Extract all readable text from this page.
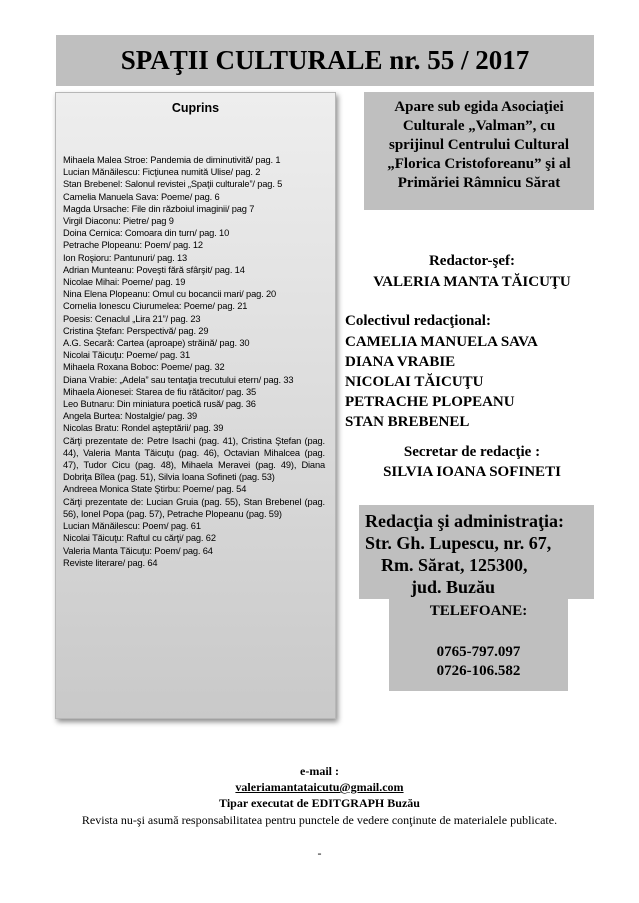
SPAŢII CULTURALE nr. 55 / 2017
Cuprins
Mihaela Malea Stroe: Pandemia de diminutivită/ pag. 1
Lucian Mănăilescu: Ficţiunea numită Ulise/ pag. 2
Stan Brebenel: Salonul revistei „Spaţii culturale”/ pag. 5
Camelia Manuela Sava: Poeme/ pag. 6
Magda Ursache: File din războiul imaginii/ pag 7
Virgil Diaconu: Pietre/ pag 9
Doina Cernica: Comoara din turn/ pag. 10
Petrache Plopeanu: Poem/ pag. 12
Ion Roşioru: Pantunuri/ pag. 13
Adrian Munteanu: Poveşti fără sfârşit/ pag. 14
Nicolae Mihai: Poeme/ pag. 19
Nina Elena Plopeanu: Omul cu bocancii mari/ pag. 20
Cornelia Ionescu Ciurumelea: Poeme/ pag. 21
Poesis: Cenaclul „Lira 21”/ pag. 23
Cristina Ştefan: Perspectivă/ pag. 29
A.G. Secară: Cartea (aproape) străină/ pag. 30
Nicolai Tăicuţu: Poeme/ pag. 31
Mihaela Roxana Boboc: Poeme/ pag. 32
Diana Vrabie: „Adela” sau tentaţia trecutului etern/ pag. 33
Mihaela Aionesei: Starea de fiu rătăcitor/ pag. 35
Leo Butnaru: Din miniatura poetică rusă/ pag. 36
Angela Burtea: Nostalgie/ pag. 39
Nicolas Bratu: Rondel aşteptării/ pag. 39
Cărţi prezentate de: Petre Isachi (pag. 41), Cristina Ştefan (pag. 44), Valeria Manta Tăicuţu (pag. 46), Octavian Mihalcea (pag. 47), Tudor Cicu (pag. 48), Mihaela Meravei (pag. 49), Diana Dobriţa Bîlea (pag. 51), Silvia Ioana Sofineti (pag. 53)
Andreea Monica State Ştirbu: Poeme/ pag. 54
Cărţi prezentate de: Lucian Gruia (pag. 55), Stan Brebenel (pag. 56), Ionel Popa (pag. 57), Petrache Plopeanu (pag. 59)
Lucian Mănăilescu: Poem/ pag. 61
Nicolai Tăicuţu: Raftul cu cărţi/ pag. 62
Valeria Manta Tăicuţu: Poem/ pag. 64
Reviste literare/ pag. 64
Apare sub egida Asociaţiei
Culturale „Valman”, cu
sprijinul Centrului Cultural
„Florica Cristoforeanu” şi al
Primăriei Râmnicu Sărat
Redactor-şef:
VALERIA MANTA TĂICUŢU
Colectivul redacţional:
CAMELIA MANUELA SAVA
DIANA VRABIE
NICOLAI TĂICUŢU
PETRACHE PLOPEANU
STAN BREBENEL
Secretar de redacţie :
SILVIA IOANA SOFINETI
Redacţia şi administraţia:
Str. Gh. Lupescu, nr. 67,
Rm. Sărat, 125300,
jud. Buzău
TELEFOANE:
0765-797.097
0726-106.582
e-mail :
valeriamantataicutu@gmail.com
Tipar executat de EDITGRAPH Buzău
Revista nu-şi asumă responsabilitatea pentru punctele de vedere conţinute de materialele publicate.
-
